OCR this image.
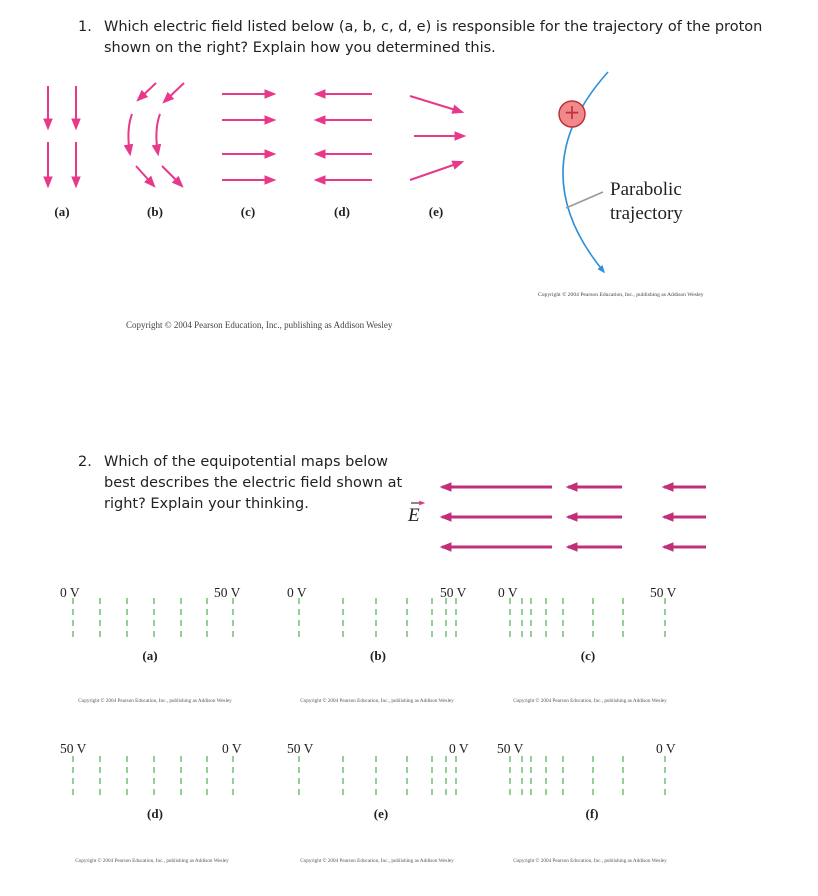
1. Which electric field listed below (a, b, c, d, e) is responsible for the trajectory of the proton
shown on the right? Explain how you determined this.
(a)	(b)	(c)	(d)	(e)
Copyright © 2004 Pearson Education, Inc., publishing as Addison Wesley
+
Parabolic
trajectory
Copyright © 2004 Pearson Education, Inc., publishing as Addison Wesley
2. Which of the equipotential maps below
best describes the electric field shown at
right? Explain your thinking.
E
0 V	50 V
(a)
Copyright © 2004 Pearson Education, Inc., publishing as Addison Wesley
0 V	50 V
(b)
Copyright © 2004 Pearson Education, Inc., publishing as Addison Wesley
0 V	50 V
(c)
Copyright © 2004 Pearson Education, Inc., publishing as Addison Wesley
50 V	0 V
(d)
Copyright © 2004 Pearson Education, Inc., publishing as Addison Wesley
50 V	0 V
(e)
Copyright © 2004 Pearson Education, Inc., publishing as Addison Wesley
50 V	0 V
(f)
Copyright © 2004 Pearson Education, Inc., publishing as Addison Wesley
